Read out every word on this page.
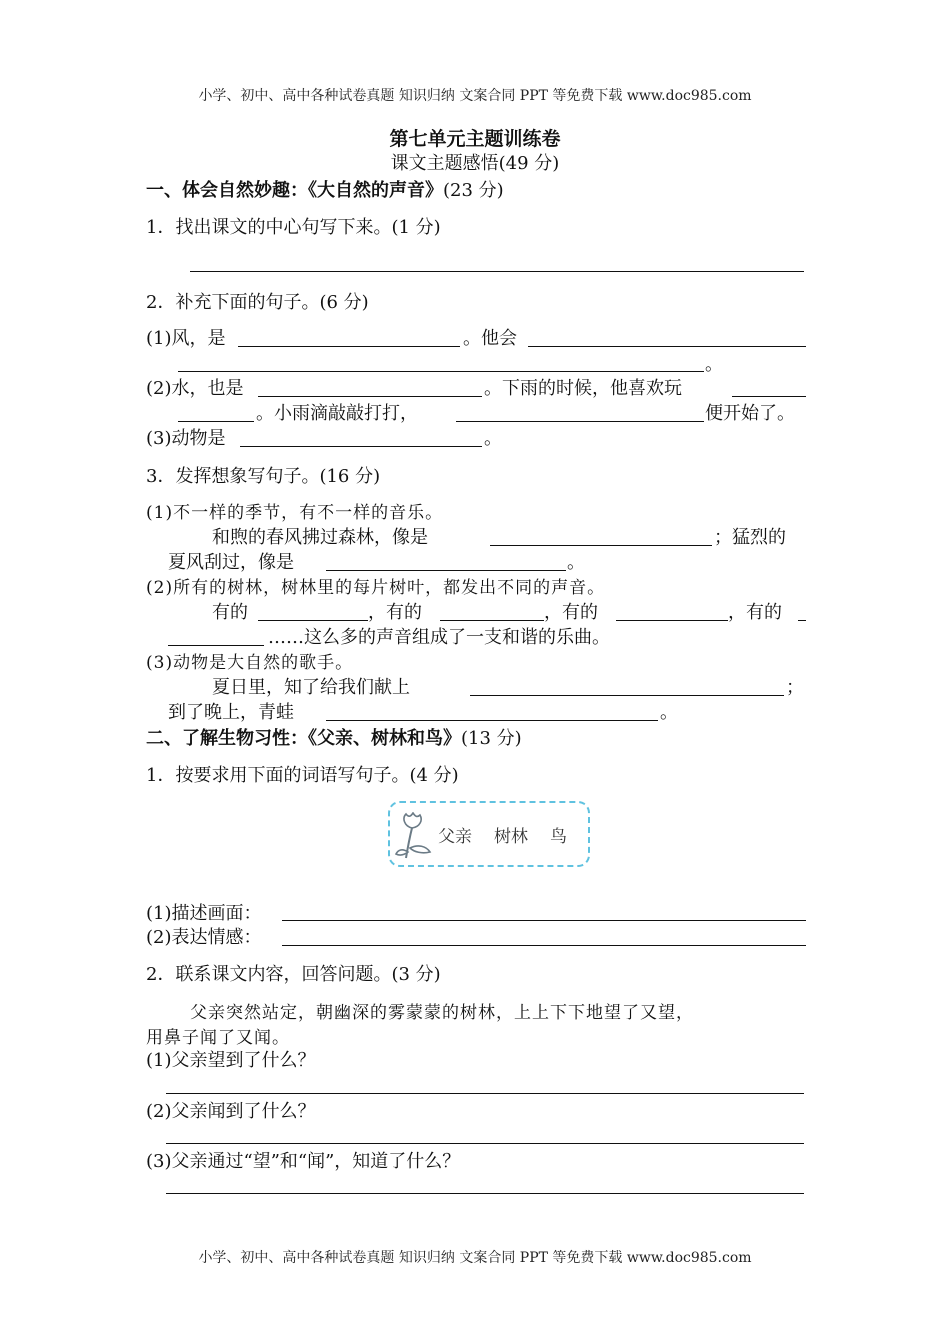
小学、初中、高中各种试卷真题 知识归纳 文案合同 PPT 等免费下载 www.doc985.com
第七单元主题训练卷
课文主题感悟(49 分)
一、体会自然妙趣：《大自然的声音》(23 分)
1．找出课文的中心句写下来。(1 分)
2．补充下面的句子。(6 分)
(1)风，是	。他会
。
(2)水，也是	。下雨的时候，他喜欢玩
。小雨滴敲敲打打，	便开始了。
(3)动物是	。
3．发挥想象写句子。(16 分)
(1)不一样的季节，有不一样的音乐。
和煦的春风拂过森林，像是	；猛烈的
夏风刮过，像是	。
(2)所有的树林，树林里的每片树叶，都发出不同的声音。
有的	，有的	，有的	，有的
……这么多的声音组成了一支和谐的乐曲。
(3)动物是大自然的歌手。
夏日里，知了给我们献上	；
到了晚上，青蛙	。
二、了解生物习性：《父亲、树林和鸟》(13 分)
1．按要求用下面的词语写句子。(4 分)
父亲 树林 鸟
(1)描述画面：
(2)表达情感：
2．联系课文内容，回答问题。(3 分)
父亲突然站定，朝幽深的雾蒙蒙的树林，上上下下地望了又望，
用鼻子闻了又闻。
(1)父亲望到了什么？
(2)父亲闻到了什么？
(3)父亲通过“望”和“闻”，知道了什么？
小学、初中、高中各种试卷真题 知识归纳 文案合同 PPT 等免费下载 www.doc985.com
